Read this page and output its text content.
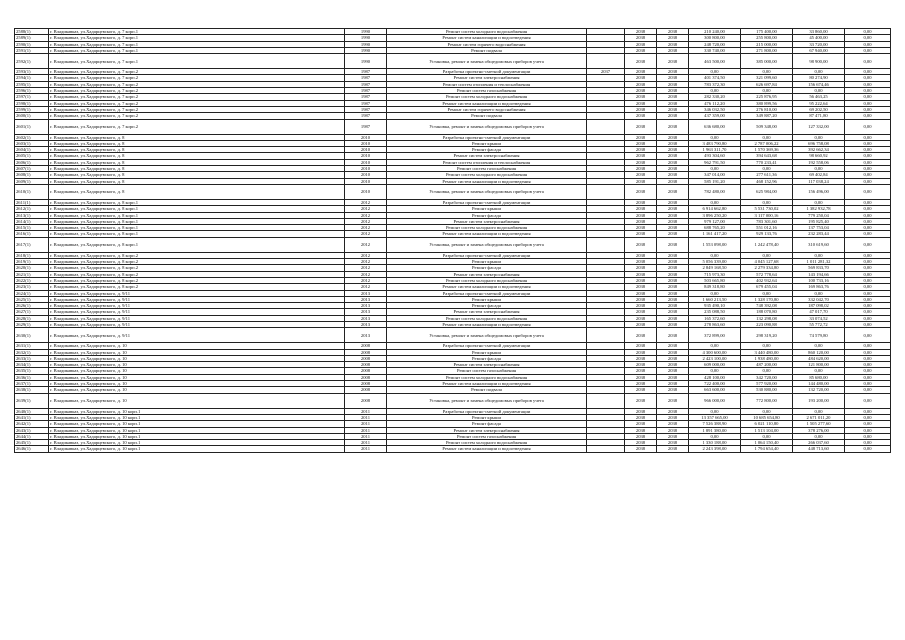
2588(1)	г. Владикавказ, ул.Хадарцевского, д. 7 корп.1	1990	Ремонт систем холодного водоснабжения		2038	2038	210 240,00	175 400,00	33 860,00	0,00
2589(1)	г. Владикавказ, ул.Хадарцевского, д. 7 корп.1	1990	Ремонт систем канализации и водоотведения		2038	2038	300 800,00	255 800,00	45 400,00	0,00
2590(1)	г. Владикавказ, ул.Хадарцевского, д. 7 корп.1	1990	Ремонт систем горячего водоснабжения		2038	2038	248 720,00	215 000,00	33 720,00	0,00
2591(1)	г. Владикавказ, ул.Хадарцевского, д. 7 корп.1	1990	Ремонт подвала		2038	2038	330 740,00	271 800,00	67 940,00	0,00
2592(1)	г. Владикавказ, ул.Хадарцевского, д. 7 корп.1	1990	Установка, ремонт и замена общедомовых приборов учета		2038	2038	463 500,00	385 000,00	98 900,00	0,00
2593(1)	г. Владикавказ, ул.Хадарцевского, д. 7 корп.2	1987	Разработка проектно-сметной документации	2037	2038	2038	0,00	0,00	0,00	0,00
2594(1)	г. Владикавказ, ул.Хадарцевского, д. 7 корп.2	1987	Ремонт систем электроснабжения		2038	2038	401 374,50	321 099,60	80 274,90	0,00
2595(1)	г. Владикавказ, ул.Хадарцевского, д. 7 корп.2	1987	Ремонт систем отопления и теплоснабжения		2038	2038	783 372,30	626 697,84	156 674,46	0,00
2596(1)	г. Владикавказ, ул.Хадарцевского, д. 7 корп.2	1987	Ремонт систем газоснабжения		2038	2038	0,00	0,00	0,00	0,00
2597(1)	г. Владикавказ, ул.Хадарцевского, д. 7 корп.2	1987	Ремонт систем холодного водоснабжения		2038	2038	282 330,20	225 876,95	56 463,25	0,00
2598(1)	г. Владикавказ, ул.Хадарцевского, д. 7 корп.2	1987	Ремонт систем канализации и водоотведения		2038	2038	476 112,20	380 899,56	95 222,64	0,00
2599(1)	г. Владикавказ, ул.Хадарцевского, д. 7 корп.2	1987	Ремонт систем горячего водоснабжения		2038	2038	346 032,50	276 810,00	69 202,50	0,00
2600(1)	г. Владикавказ, ул.Хадарцевского, д. 7 корп.2	1987	Ремонт подвала		2038	2038	437 359,00	349 887,20	87 471,80	0,00
2601(1)	г. Владикавказ, ул.Хадарцевского, д. 7 корп.2	1987	Установка, ремонт и замена общедомовых приборов учета		2038	2038	636 680,00	509 348,00	127 332,00	0,00
2602(1)	г. Владикавказ, ул.Хадарцевского, д. 8	2010	Разработка проектно-сметной документации		2038	2038	0,00	0,00	0,00	0,00
2603(1)	г. Владикавказ, ул.Хадарцевского, д. 8	2010	Ремонт крыши		2038	2038	3 483 790,80	2 787 006,22	696 758,08	0,00
2604(1)	г. Владикавказ, ул.Хадарцевского, д. 8	2010	Ремонт фасада		2038	2038	1 963 311,70	1 570 369,36	392 662,34	0,00
2605(1)	г. Владикавказ, ул.Хадарцевского, д. 8	2010	Ремонт систем электроснабжения		2038	2038	493 304,60	394 643,68	98 660,92	0,00
2606(1)	г. Владикавказ, ул.Хадарцевского, д. 8	2010	Ремонт систем отопления и теплоснабжения		2038	2038	962 791,50	770 233,41	192 558,06	0,00
2607(1)	г. Владикавказ, ул.Хадарцевского, д. 8	2010	Ремонт систем газоснабжения		2038	2038	0,00	0,00	0,00	0,00
2608(1)	г. Владикавказ, ул.Хадарцевского, д. 8	2010	Ремонт систем холодного водоснабжения		2038	2038	347 014,00	277 611,36	69 402,84	0,00
2609(1)	г. Владикавказ, ул.Хадарцевского, д. 8	2010	Ремонт систем канализации и водоотведения		2038	2038	585 191,20	468 152,96	117 038,24	0,00
2610(1)	г. Владикавказ, ул.Хадарцевского, д. 8	2010	Установка, ремонт и замена общедомовых приборов учета		2038	2038	782 480,00	625 984,00	156 496,00	0,00
2611(1)	г. Владикавказ, ул.Хадарцевского, д. 8 корп.1	2012	Разработка проектно-сметной документации		2038	2038	0,00	0,00	0,00	0,00
2612(1)	г. Владикавказ, ул.Хадарцевского, д. 8 корп.1	2012	Ремонт крыши		2038	2038	6 914 662,80	5 531 730,02	1 382 932,78	0,00
2613(1)	г. Владикавказ, ул.Хадарцевского, д. 8 корп.1	2012	Ремонт фасада		2038	2038	3 896 250,20	3 117 000,16	779 250,04	0,00
2614(1)	г. Владикавказ, ул.Хадарцевского, д. 8 корп.1	2012	Ремонт систем электроснабжения		2038	2038	979 127,00	783 301,60	195 825,40	0,00
2615(1)	г. Владикавказ, ул.Хадарцевского, д. 8 корп.1	2012	Ремонт систем холодного водоснабжения		2038	2038	688 765,20	551 012,16	137 753,04	0,00
2616(1)	г. Владикавказ, ул.Хадарцевского, д. 8 корп.1	2012	Ремонт систем канализации и водоотведения		2038	2038	1 161 417,20	929 133,76	232 283,44	0,00
2617(1)	г. Владикавказ, ул.Хадарцевского, д. 8 корп.1	2012	Установка, ремонт и замена общедомовых приборов учета		2038	2038	1 553 098,00	1 242 478,40	310 619,60	0,00
2618(1)	г. Владикавказ, ул.Хадарцевского, д. 8 корп.2	2012	Разработка проектно-сметной документации		2038	2038	0,00	0,00	0,00	0,00
2619(1)	г. Владикавказ, ул.Хадарцевского, д. 8 корп.2	2012	Ремонт крыши		2038	2038	5 056 339,00	4 045 127,68	1 011 281,32	0,00
2620(1)	г. Владикавказ, ул.Хадарцевского, д. 8 корп.2	2012	Ремонт фасада		2038	2038	2 849 168,50	2 279 334,80	569 833,70	0,00
2621(1)	г. Владикавказ, ул.Хадарцевского, д. 8 корп.2	2012	Ремонт систем электроснабжения		2038	2038	715 973,30	572 778,64	143 194,66	0,00
2622(1)	г. Владикавказ, ул.Хадарцевского, д. 8 корп.2	2012	Ремонт систем холодного водоснабжения		2038	2038	503 665,80	402 932,64	100 733,16	0,00
2623(1)	г. Владикавказ, ул.Хадарцевского, д. 8 корп.2	2012	Ремонт систем канализации и водоотведения		2038	2038	849 318,80	679 455,04	169 863,76	0,00
2624(1)	г. Владикавказ, ул.Хадарцевского, д. 9/11	2013	Разработка проектно-сметной документации		2038	2038	0,00	0,00	0,00	0,00
2625(1)	г. Владикавказ, ул.Хадарцевского, д. 9/11	2013	Ремонт крыши		2038	2038	1 660 213,50	1 328 170,80	332 042,70	0,00
2626(1)	г. Владикавказ, ул.Хадарцевского, д. 9/11	2013	Ремонт фасада		2038	2038	935 490,10	748 392,08	187 098,02	0,00
2627(1)	г. Владикавказ, ул.Хадарцевского, д. 9/11	2013	Ремонт систем электроснабжения		2038	2038	235 088,50	188 070,80	47 017,70	0,00
2628(1)	г. Владикавказ, ул.Хадарцевского, д. 9/11	2013	Ремонт систем холодного водоснабжения		2038	2038	165 372,60	132 298,08	33 074,52	0,00
2629(1)	г. Владикавказ, ул.Хадарцевского, д. 9/11	2013	Ремонт систем канализации и водоотведения		2038	2038	278 863,60	223 090,88	55 772,72	0,00
2630(1)	г. Владикавказ, ул.Хадарцевского, д. 9/11	2013	Установка, ремонт и замена общедомовых приборов учета		2038	2038	372 899,00	298 319,20	74 579,80	0,00
2631(1)	г. Владикавказ, ул.Хадарцевского, д. 10	2008	Разработка проектно-сметной документации		2038	2038	0,00	0,00	0,00	0,00
2632(1)	г. Владикавказ, ул.Хадарцевского, д. 10	2008	Ремонт крыши		2038	2038	4 300 600,00	3 440 480,00	860 120,00	0,00
2633(1)	г. Владикавказ, ул.Хадарцевского, д. 10	2008	Ремонт фасада		2038	2038	2 423 100,00	1 938 480,00	484 620,00	0,00
2634(1)	г. Владикавказ, ул.Хадарцевского, д. 10	2008	Ремонт систем электроснабжения		2038	2038	609 000,00	487 200,00	121 800,00	0,00
2635(1)	г. Владикавказ, ул.Хадарцевского, д. 10	2008	Ремонт систем газоснабжения		2038	2038	0,00	0,00	0,00	0,00
2636(1)	г. Владикавказ, ул.Хадарцевского, д. 10	2008	Ремонт систем холодного водоснабжения		2038	2038	428 100,00	342 720,00	85 680,00	0,00
2637(1)	г. Владикавказ, ул.Хадарцевского, д. 10	2008	Ремонт систем канализации и водоотведения		2038	2038	722 400,00	577 920,00	144 480,00	0,00
2638(1)	г. Владикавказ, ул.Хадарцевского, д. 10	2008	Ремонт подвала		2038	2038	663 600,00	530 880,00	132 720,00	0,00
2639(1)	г. Владикавказ, ул.Хадарцевского, д. 10	2008	Установка, ремонт и замена общедомовых приборов учета		2038	2038	966 000,00	772 800,00	193 200,00	0,00
2640(1)	г. Владикавказ, ул.Хадарцевского, д. 10 корп.1	2011	Разработка проектно-сметной документации		2038	2038	0,00	0,00	0,00	0,00
2641(1)	г. Владикавказ, ул.Хадарцевского, д. 10 корп.1	2011	Ремонт крыши		2038	2038	13 357 665,00	10 685 654,80	2 671 011,20	0,00
2642(1)	г. Владикавказ, ул.Хадарцевского, д. 10 корп.1	2011	Ремонт фасада		2038	2038	7 526 388,90	6 021 110,80	1 505 277,60	0,00
2643(1)	г. Владикавказ, ул.Хадарцевского, д. 10 корп.1	2011	Ремонт систем электроснабжения		2038	2038	1 891 380,00	1 513 104,00	378 276,00	0,00
2644(1)	г. Владикавказ, ул.Хадарцевского, д. 10 корп.1	2011	Ремонт систем газоснабжения		2038	2038	0,00	0,00	0,00	0,00
2645(1)	г. Владикавказ, ул.Хадарцевского, д. 10 корп.1	2011	Ремонт систем холодного водоснабжения		2038	2038	1 330 188,00	1 064 150,40	266 037,60	0,00
2646(1)	г. Владикавказ, ул.Хадарцевского, д. 10 корп.1	2011	Ремонт систем канализации и водоотведения		2038	2038	2 243 398,00	1 794 654,40	448 713,60	0,00
